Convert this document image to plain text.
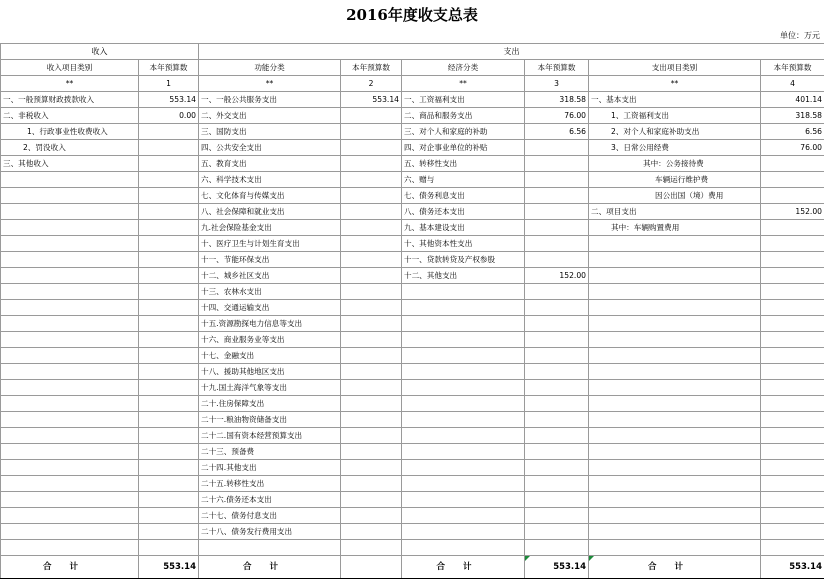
2016年度收支总表
单位：万元
收入		支出					
收入项目类别	本年预算数	功能分类	本年预算数	经济分类	本年预算数	支出项目类别	本年预算数
**	1	**	2	**	3	**	4
一、一般预算财政拨款收入	553.14	一、一般公共服务支出	553.14	一、工资福利支出	318.58	一、基本支出	401.14
二、非税收入	0.00	二、外交支出		二、商品和服务支出	76.00	1、工资福利支出	318.58
1、行政事业性收费收入		三、国防支出		三、对个人和家庭的补助	6.56	2、对个人和家庭补助支出	6.56
2、罚没收入		四、公共安全支出		四、对企事业单位的补贴		3、日常公用经费	76.00
三、其他收入		五、教育支出		五、转移性支出		其中：公务接待费	
		六、科学技术支出		六、赠与		车辆运行维护费	
		七、文化体育与传媒支出		七、债务利息支出		因公出国（境）费用	
		八、社会保障和就业支出		八、债务还本支出		二、项目支出	152.00
		九.社会保险基金支出		九、基本建设支出		其中：车辆购置费用	
		十、医疗卫生与计划生育支出		十、其他资本性支出			
		十一、节能环保支出		十一、贷款转贷及产权参股			
		十二、城乡社区支出		十二、其他支出	152.00		
		十三、农林水支出					
		十四、交通运输支出					
		十五.资源勘探电力信息等支出					
		十六、商业服务业等支出					
		十七、金融支出					
		十八、援助其他地区支出					
		十九.国土海洋气象等支出					
		二十.住房保障支出					
		二十一.粮油物资储备支出					
		二十二.国有资本经营预算支出					
		二十三、预备费					
		二十四.其他支出					
		二十五.转移性支出					
		二十六.债务还本支出					
		二十七、债务付息支出					
		二十八、债务发行费用支出					

合计	553.14	合计		合计	553.14	合计	553.14
